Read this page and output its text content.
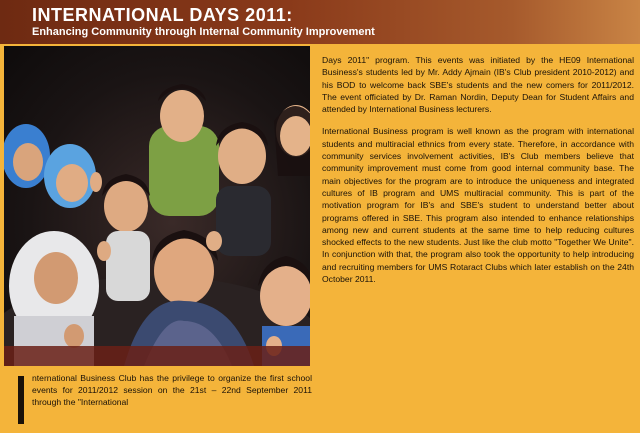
INTERNATIONAL DAYS 2011:
Enhancing Community through Internal Community Improvement
nternational Business Club has the privilege to organize the first school events for 2011/2012 session on the 21st – 22nd September 2011 through the "International

Days 2011" program. This events was initiated by the HE09 International Business's students led by Mr. Addy Ajmain (IB's Club president 2010-2012) and his BOD to welcome back SBE's students and the new comers for 2011/2012. The event officiated by Dr. Raman Nordin, Deputy Dean for Student Affairs and attended by International Business lecturers.

International Business program is well known as the program with international students and multiracial ethnics from every state. Therefore, in accordance with community services involvement activities, IB's Club members believe that community improvement must come from good internal community base. The main objectives for the program are to introduce the uniqueness and integrated cultures of IB program and UMS multiracial community. This is part of the motivation program for IB's and SBE's student to understand better about programs offered in SBE. This program also intended to enhance relationships among new and current students at the same time to help reducing cultures shocked effects to the new students. Just like the club motto "Together We Unite". In conjunction with that, the program also took the opportunity to help introducing and recruiting members for UMS Rotaract Clubs which later establish on the 24th October 2011.
